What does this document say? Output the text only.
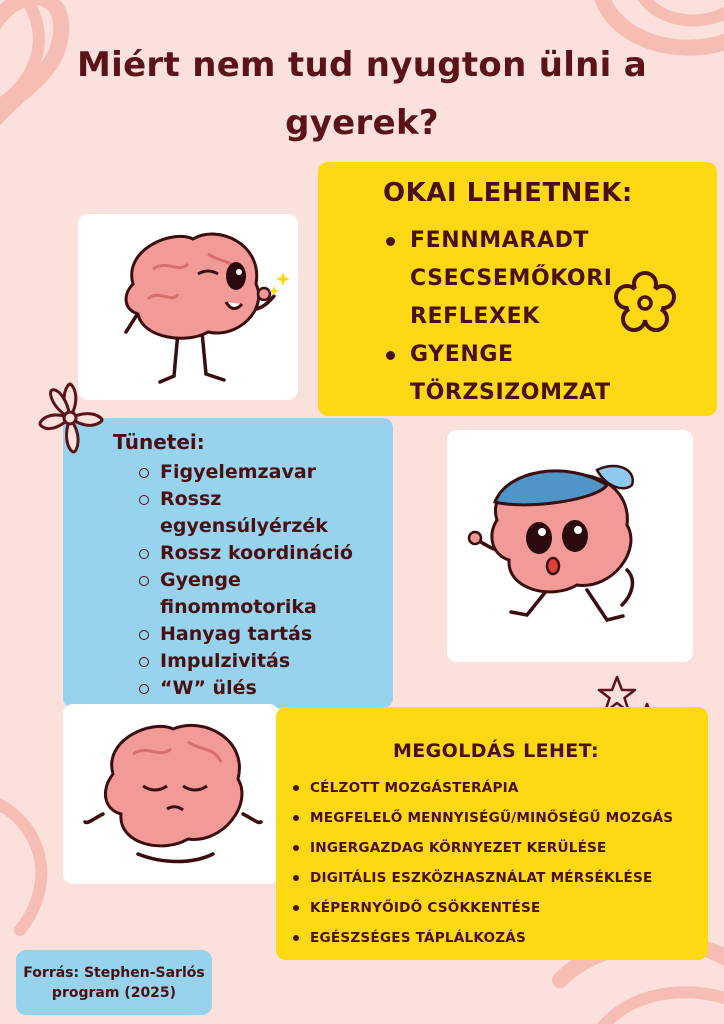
Miért nem tud nyugton ülni a
gyerek?
OKAI LEHETNEK:
FENNMARADT CSECSEMŐKORI REFLEXEK
GYENGE TÖRZSIZOMZAT
Tünetei:
Figyelemzavar
Rossz egyensúlyérzék
Rossz koordináció
Gyenge finommotorika
Hanyag tartás
Impulzivitás
“W” ülés
MEGOLDÁS LEHET:
CÉLZOTT MOZGÁSTERÁPIA
MEGFELELŐ MENNYISÉGŰ/MINŐSÉGŰ MOZGÁS
INGERGAZDAG KÖRNYEZET KERÜLÉSE
DIGITÁLIS ESZKÖZHASZNÁLAT MÉRSÉKLÉSE
KÉPERNYŐIDŐ CSÖKKENTÉSE
EGÉSZSÉGES TÁPLÁLKOZÁS
Forrás: Stephen-Sarlós
program (2025)
